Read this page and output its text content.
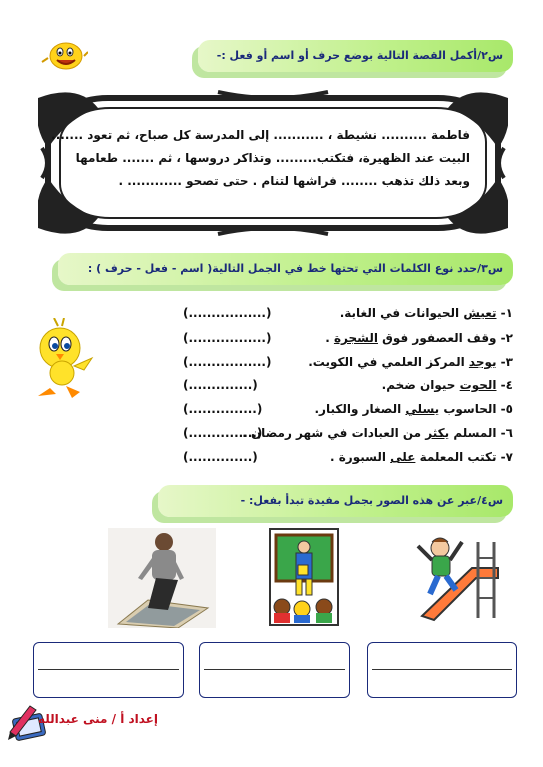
س٢/أكمل القصة التالية بوضع حرف أو اسم أو فعل :-
فاطمة .......... نشيطة ، ........... إلى المدرسة كل صباح، ثم تعود .......
البيت عند الظهيرة، فتكتب......... وتذاكر دروسها ، ثم ....... طعامها
وبعد ذلك تذهب ........ فراشها لتنام . حتى تصحو ............ .
س٣/حدد نوع الكلمات التي تحتها خط في الجمل التالية( اسم - فعل - حرف ) :
١- تعيش الحيوانات في الغابة.
(.................)
٢- وقف العصفور فوق الشجرة .
(.................)
٣- يوجد المركز العلمي في الكويت.
(.................)
٤- الحوت حيوان ضخم.
(..............)
٥- الحاسوب يسلي الصغار والكبار.
(...............)
٦- المسلم يكثر من العبادات في شهر رمضان .
(...............)
٧- تكتب المعلمة على السبورة .
(..............)
س٤/عبر عن هذه الصور بجمل مفيدة تبدأ بفعل: -
إعداد أ / منى عبدالله
